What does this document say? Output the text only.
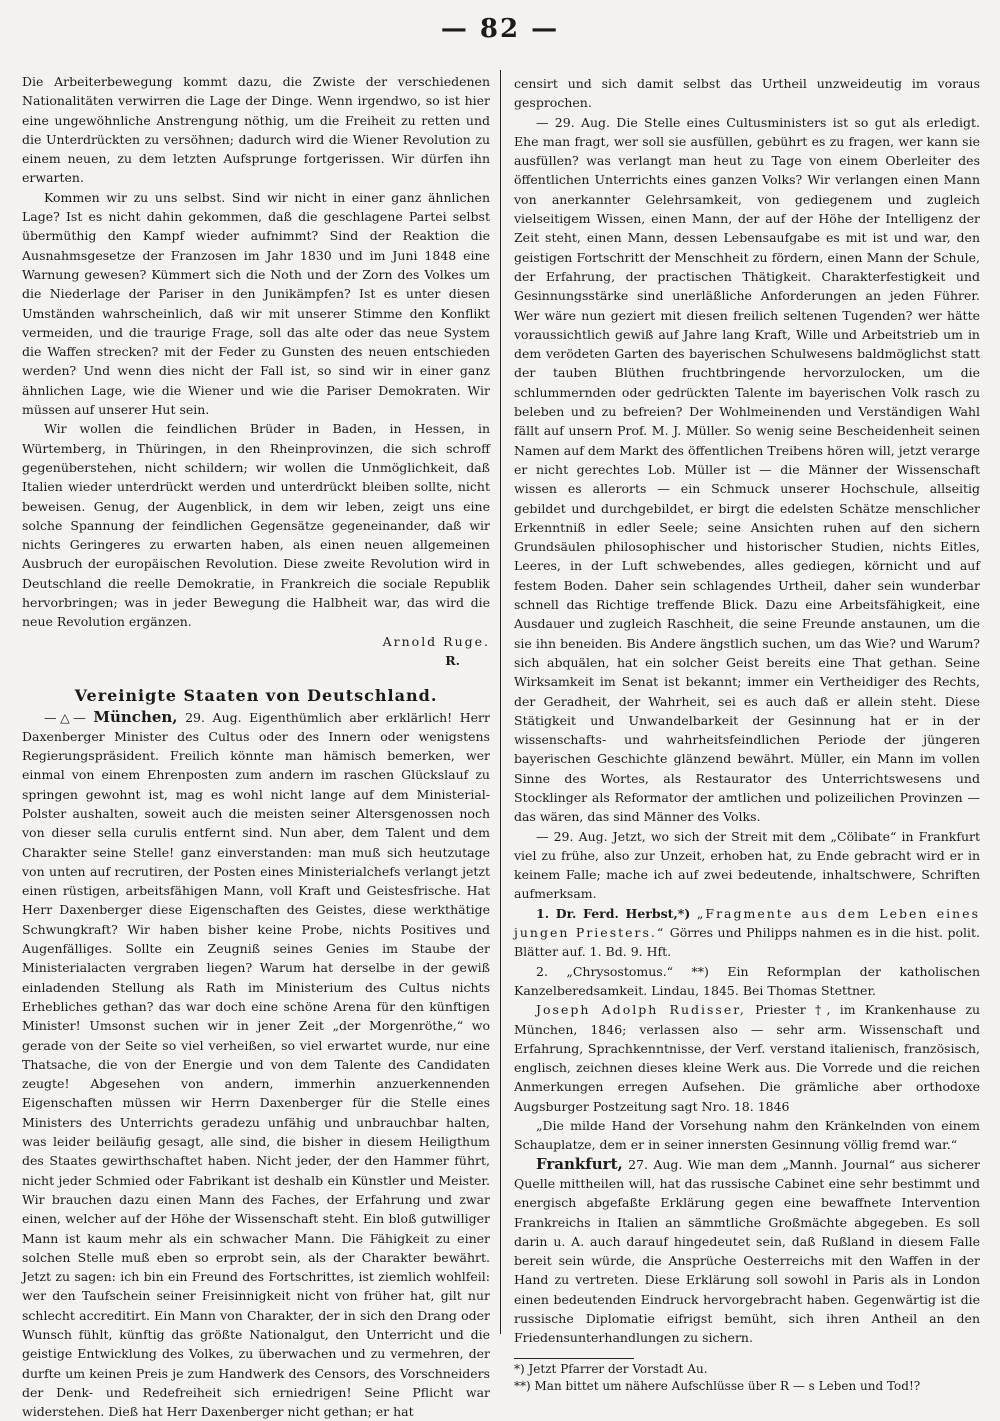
— 82 —

Die Arbeiterbewegung kommt dazu, die Zwiste der verschiedenen Nationalitäten verwirren die Lage der Dinge. Wenn irgendwo, so ist hier eine ungewöhnliche Anstrengung nöthig, um die Freiheit zu retten und die Unterdrückten zu versöhnen; dadurch wird die Wiener Revolution zu einem neuen, zu dem letzten Aufsprunge fortgerissen. Wir dürfen ihn erwarten.

Kommen wir zu uns selbst. Sind wir nicht in einer ganz ähnlichen Lage? Ist es nicht dahin gekommen, daß die geschlagene Partei selbst übermüthig den Kampf wieder aufnimmt? Sind der Reaktion die Ausnahmsgesetze der Franzosen im Jahr 1830 und im Juni 1848 eine Warnung gewesen? Kümmert sich die Noth und der Zorn des Volkes um die Niederlage der Pariser in den Junikämpfen? Ist es unter diesen Umständen wahrscheinlich, daß wir mit unserer Stimme den Konflikt vermeiden, und die traurige Frage, soll das alte oder das neue System die Waffen strecken? mit der Feder zu Gunsten des neuen entschieden werden? Und wenn dies nicht der Fall ist, so sind wir in einer ganz ähnlichen Lage, wie die Wiener und wie die Pariser Demokraten. Wir müssen auf unserer Hut sein.

Wir wollen die feindlichen Brüder in Baden, in Hessen, in Würtemberg, in Thüringen, in den Rheinprovinzen, die sich schroff gegenüberstehen, nicht schildern; wir wollen die Unmöglichkeit, daß Italien wieder unterdrückt werden und unterdrückt bleiben sollte, nicht beweisen. Genug, der Augenblick, in dem wir leben, zeigt uns eine solche Spannung der feindlichen Gegensätze gegeneinander, daß wir nichts Geringeres zu erwarten haben, als einen neuen allgemeinen Ausbruch der europäischen Revolution. Diese zweite Revolution wird in Deutschland die reelle Demokratie, in Frankreich die sociale Republik hervorbringen; was in jeder Bewegung die Halbheit war, das wird die neue Revolution ergänzen.

Arnold Ruge.
R.
Vereinigte Staaten von Deutschland.

—△— München, 29. Aug. Eigenthümlich aber erklärlich! Herr Daxenberger Minister des Cultus oder des Innern oder wenigstens Regierungspräsident. Freilich könnte man hämisch bemerken, wer einmal von einem Ehrenposten zum andern im raschen Glückslauf zu springen gewohnt ist, mag es wohl nicht lange auf dem Ministerial-Polster aushalten, soweit auch die meisten seiner Altersgenossen noch von dieser sella curulis entfernt sind. Nun aber, dem Talent und dem Charakter seine Stelle! ganz einverstanden: man muß sich heutzutage von unten auf recrutiren, der Posten eines Ministerialchefs verlangt jetzt einen rüstigen, arbeitsfähigen Mann, voll Kraft und Geistesfrische. Hat Herr Daxenberger diese Eigenschaften des Geistes, diese werkthätige Schwungkraft? Wir haben bisher keine Probe, nichts Positives und Augenfälliges. Sollte ein Zeugniß seines Genies im Staube der Ministerialacten vergraben liegen? Warum hat derselbe in der gewiß einladenden Stellung als Rath im Ministerium des Cultus nichts Erhebliches gethan? das war doch eine schöne Arena für den künftigen Minister! Umsonst suchen wir in jener Zeit „der Morgenröthe,“ wo gerade von der Seite so viel verheißen, so viel erwartet wurde, nur eine Thatsache, die von der Energie und von dem Talente des Candidaten zeugte! Abgesehen von andern, immerhin anzuerkennenden Eigenschaften müssen wir Herrn Daxenberger für die Stelle eines Ministers des Unterrichts geradezu unfähig und unbrauchbar halten, was leider beiläufig gesagt, alle sind, die bisher in diesem Heiligthum des Staates gewirthschaftet haben. Nicht jeder, der den Hammer führt, nicht jeder Schmied oder Fabrikant ist deshalb ein Künstler und Meister. Wir brauchen dazu einen Mann des Faches, der Erfahrung und zwar einen, welcher auf der Höhe der Wissenschaft steht. Ein bloß gutwilliger Mann ist kaum mehr als ein schwacher Mann. Die Fähigkeit zu einer solchen Stelle muß eben so erprobt sein, als der Charakter bewährt. Jetzt zu sagen: ich bin ein Freund des Fortschrittes, ist ziemlich wohlfeil: wer den Taufschein seiner Freisinnigkeit nicht von früher hat, gilt nur schlecht accreditirt. Ein Mann von Charakter, der in sich den Drang oder Wunsch fühlt, künftig das größte Nationalgut, den Unterricht und die geistige Entwicklung des Volkes, zu überwachen und zu vermehren, der durfte um keinen Preis je zum Handwerk des Censors, des Vorschneiders der Denk- und Redefreiheit sich erniedrigen! Seine Pflicht war widerstehen. Dieß hat Herr Daxenberger nicht gethan; er hat

censirt und sich damit selbst das Urtheil unzweideutig im voraus gesprochen.

— 29. Aug. Die Stelle eines Cultusministers ist so gut als erledigt. Ehe man fragt, wer soll sie ausfüllen, gebührt es zu fragen, wer kann sie ausfüllen? was verlangt man heut zu Tage von einem Oberleiter des öffentlichen Unterrichts eines ganzen Volks? Wir verlangen einen Mann von anerkannter Gelehrsamkeit, von gediegenem und zugleich vielseitigem Wissen, einen Mann, der auf der Höhe der Intelligenz der Zeit steht, einen Mann, dessen Lebensaufgabe es mit ist und war, den geistigen Fortschritt der Menschheit zu fördern, einen Mann der Schule, der Erfahrung, der practischen Thätigkeit. Charakterfestigkeit und Gesinnungsstärke sind unerläßliche Anforderungen an jeden Führer. Wer wäre nun geziert mit diesen freilich seltenen Tugenden? wer hätte voraussichtlich gewiß auf Jahre lang Kraft, Wille und Arbeitstrieb um in dem verödeten Garten des bayerischen Schulwesens baldmöglichst statt der tauben Blüthen fruchtbringende hervorzulocken, um die schlummernden oder gedrückten Talente im bayerischen Volk rasch zu beleben und zu befreien? Der Wohlmeinenden und Verständigen Wahl fällt auf unsern Prof. M. J. Müller. So wenig seine Bescheidenheit seinen Namen auf dem Markt des öffentlichen Treibens hören will, jetzt verarge er nicht gerechtes Lob. Müller ist — die Männer der Wissenschaft wissen es allerorts — ein Schmuck unserer Hochschule, allseitig gebildet und durchgebildet, er birgt die edelsten Schätze menschlicher Erkenntniß in edler Seele; seine Ansichten ruhen auf den sichern Grundsäulen philosophischer und historischer Studien, nichts Eitles, Leeres, in der Luft schwebendes, alles gediegen, körnicht und auf festem Boden. Daher sein schlagendes Urtheil, daher sein wunderbar schnell das Richtige treffende Blick. Dazu eine Arbeitsfähigkeit, eine Ausdauer und zugleich Raschheit, die seine Freunde anstaunen, um die sie ihn beneiden. Bis Andere ängstlich suchen, um das Wie? und Warum? sich abquälen, hat ein solcher Geist bereits eine That gethan. Seine Wirksamkeit im Senat ist bekannt; immer ein Vertheidiger des Rechts, der Geradheit, der Wahrheit, sei es auch daß er allein steht. Diese Stätigkeit und Unwandelbarkeit der Gesinnung hat er in der wissenschafts- und wahrheitsfeindlichen Periode der jüngeren bayerischen Geschichte glänzend bewährt. Müller, ein Mann im vollen Sinne des Wortes, als Restaurator des Unterrichtswesens und Stocklinger als Reformator der amtlichen und polizeilichen Provinzen — das wären, das sind Männer des Volks.

— 29. Aug. Jetzt, wo sich der Streit mit dem „Cölibate“ in Frankfurt viel zu frühe, also zur Unzeit, erhoben hat, zu Ende gebracht wird er in keinem Falle; mache ich auf zwei bedeutende, inhaltschwere, Schriften aufmerksam.

1. Dr. Ferd. Herbst,*) „Fragmente aus dem Leben eines jungen Priesters.“ Görres und Philipps nahmen es in die hist. polit. Blätter auf. 1. Bd. 9. Hft.

2. „Chrysostomus.“ **) Ein Reformplan der katholischen Kanzelberedsamkeit. Lindau, 1845. Bei Thomas Stettner.

Joseph Adolph Rudisser, Priester †, im Krankenhause zu München, 1846; verlassen also — sehr arm. Wissenschaft und Erfahrung, Sprachkenntnisse, der Verf. verstand italienisch, französisch, englisch, zeichnen dieses kleine Werk aus. Die Vorrede und die reichen Anmerkungen erregen Aufsehen. Die grämliche aber orthodoxe Augsburger Postzeitung sagt Nro. 18. 1846

„Die milde Hand der Vorsehung nahm den Kränkelnden von einem Schauplatze, dem er in seiner innersten Gesinnung völlig fremd war.“

Frankfurt, 27. Aug. Wie man dem „Mannh. Journal“ aus sicherer Quelle mittheilen will, hat das russische Cabinet eine sehr bestimmt und energisch abgefaßte Erklärung gegen eine bewaffnete Intervention Frankreichs in Italien an sämmtliche Großmächte abgegeben. Es soll darin u. A. auch darauf hingedeutet sein, daß Rußland in diesem Falle bereit sein würde, die Ansprüche Oesterreichs mit den Waffen in der Hand zu vertreten. Diese Erklärung soll sowohl in Paris als in London einen bedeutenden Eindruck hervorgebracht haben. Gegenwärtig ist die russische Diplomatie eifrigst bemüht, sich ihren Antheil an den Friedensunterhandlungen zu sichern.

*) Jetzt Pfarrer der Vorstadt Au.
**) Man bittet um nähere Aufschlüsse über R — s Leben und Tod!?
